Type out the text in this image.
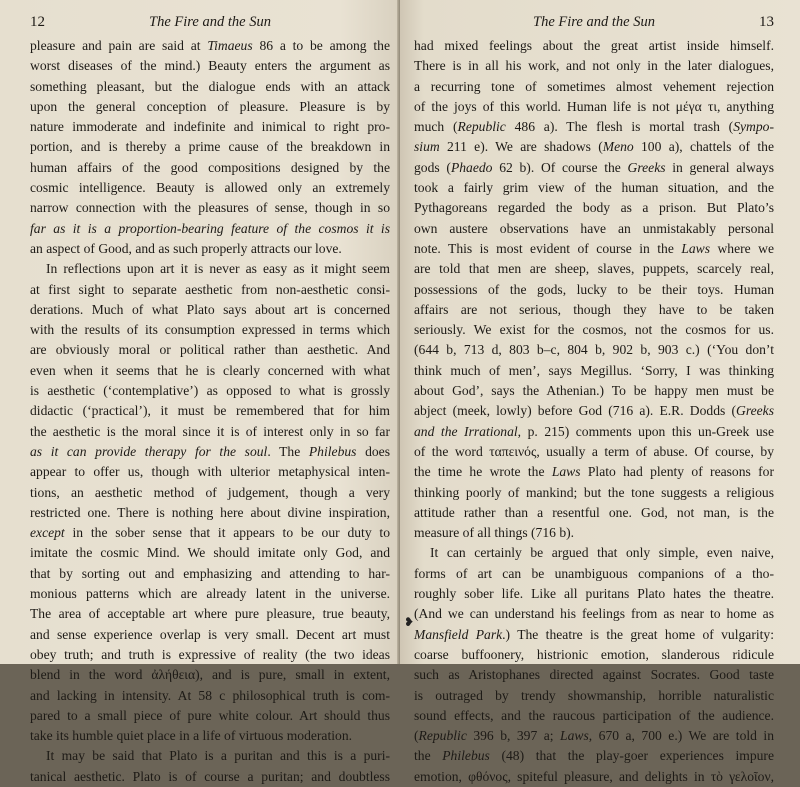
12	The Fire and the Sun
pleasure and pain are said at Timaeus 86 a to be among the
worst diseases of the mind.) Beauty enters the argument as
something pleasant, but the dialogue ends with an attack
upon the general conception of pleasure. Pleasure is by
nature immoderate and indefinite and inimical to right pro-
portion, and is thereby a prime cause of the breakdown in
human affairs of the good compositions designed by the
cosmic intelligence. Beauty is allowed only an extremely
narrow connection with the pleasures of sense, though in so
far as it is a proportion-bearing feature of the cosmos it is
an aspect of Good, and as such properly attracts our love.
In reflections upon art it is never as easy as it might seem
at first sight to separate aesthetic from non-aesthetic consi-
derations. Much of what Plato says about art is concerned
with the results of its consumption expressed in terms which
are obviously moral or political rather than aesthetic. And
even when it seems that he is clearly concerned with what
is aesthetic (‘contemplative’) as opposed to what is grossly
didactic (‘practical’), it must be remembered that for him
the aesthetic is the moral since it is of interest only in so far
as it can provide therapy for the soul. The Philebus does
appear to offer us, though with ulterior metaphysical inten-
tions, an aesthetic method of judgement, though a very
restricted one. There is nothing here about divine inspiration,
except in the sober sense that it appears to be our duty to
imitate the cosmic Mind. We should imitate only God, and
that by sorting out and emphasizing and attending to har-
monious patterns which are already latent in the universe.
The area of acceptable art where pure pleasure, true beauty,
and sense experience overlap is very small. Decent art must
obey truth; and truth is expressive of reality (the two ideas
blend in the word ἀλήθεια), and is pure, small in extent,
and lacking in intensity. At 58 c philosophical truth is com-
pared to a small piece of pure white colour. Art should thus
take its humble quiet place in a life of virtuous moderation.
It may be said that Plato is a puritan and this is a puri-
tanical aesthetic. Plato is of course a puritan; and doubtless
The Fire and the Sun	13
had mixed feelings about the great artist inside himself.
There is in all his work, and not only in the later dialogues,
a recurring tone of sometimes almost vehement rejection
of the joys of this world. Human life is not μέγα τι, anything
much (Republic 486 a). The flesh is mortal trash (Sympo-
sium 211 e). We are shadows (Meno 100 a), chattels of the
gods (Phaedo 62 b). Of course the Greeks in general always
took a fairly grim view of the human situation, and the
Pythagoreans regarded the body as a prison. But Plato’s
own austere observations have an unmistakably personal
note. This is most evident of course in the Laws where we
are told that men are sheep, slaves, puppets, scarcely real,
possessions of the gods, lucky to be their toys. Human
affairs are not serious, though they have to be taken
seriously. We exist for the cosmos, not the cosmos for us.
(644 b, 713 d, 803 b–c, 804 b, 902 b, 903 c.) (‘You don’t
think much of men’, says Megillus. ‘Sorry, I was thinking
about God’, says the Athenian.) To be happy men must be
abject (meek, lowly) before God (716 a). E.R. Dodds (Greeks
and the Irrational, p. 215) comments upon this un-Greek use
of the word ταπεινός, usually a term of abuse. Of course, by
the time he wrote the Laws Plato had plenty of reasons for
thinking poorly of mankind; but the tone suggests a religious
attitude rather than a resentful one. God, not man, is the
measure of all things (716 b).
It can certainly be argued that only simple, even naive,
forms of art can be unambiguous companions of a tho-
roughly sober life. Like all puritans Plato hates the theatre.
(And we can understand his feelings from as near to home as
Mansfield Park.) The theatre is the great home of vulgarity:
coarse buffoonery, histrionic emotion, slanderous ridicule
such as Aristophanes directed against Socrates. Good taste
is outraged by trendy showmanship, horrible naturalistic
sound effects, and the raucous participation of the audience.
(Republic 396 b, 397 a; Laws, 670 a, 700 e.) We are told in
the Philebus (48) that the play-goer experiences impure
emotion, φθόνος, spiteful pleasure, and delights in τὸ γελοῖον,
❥
